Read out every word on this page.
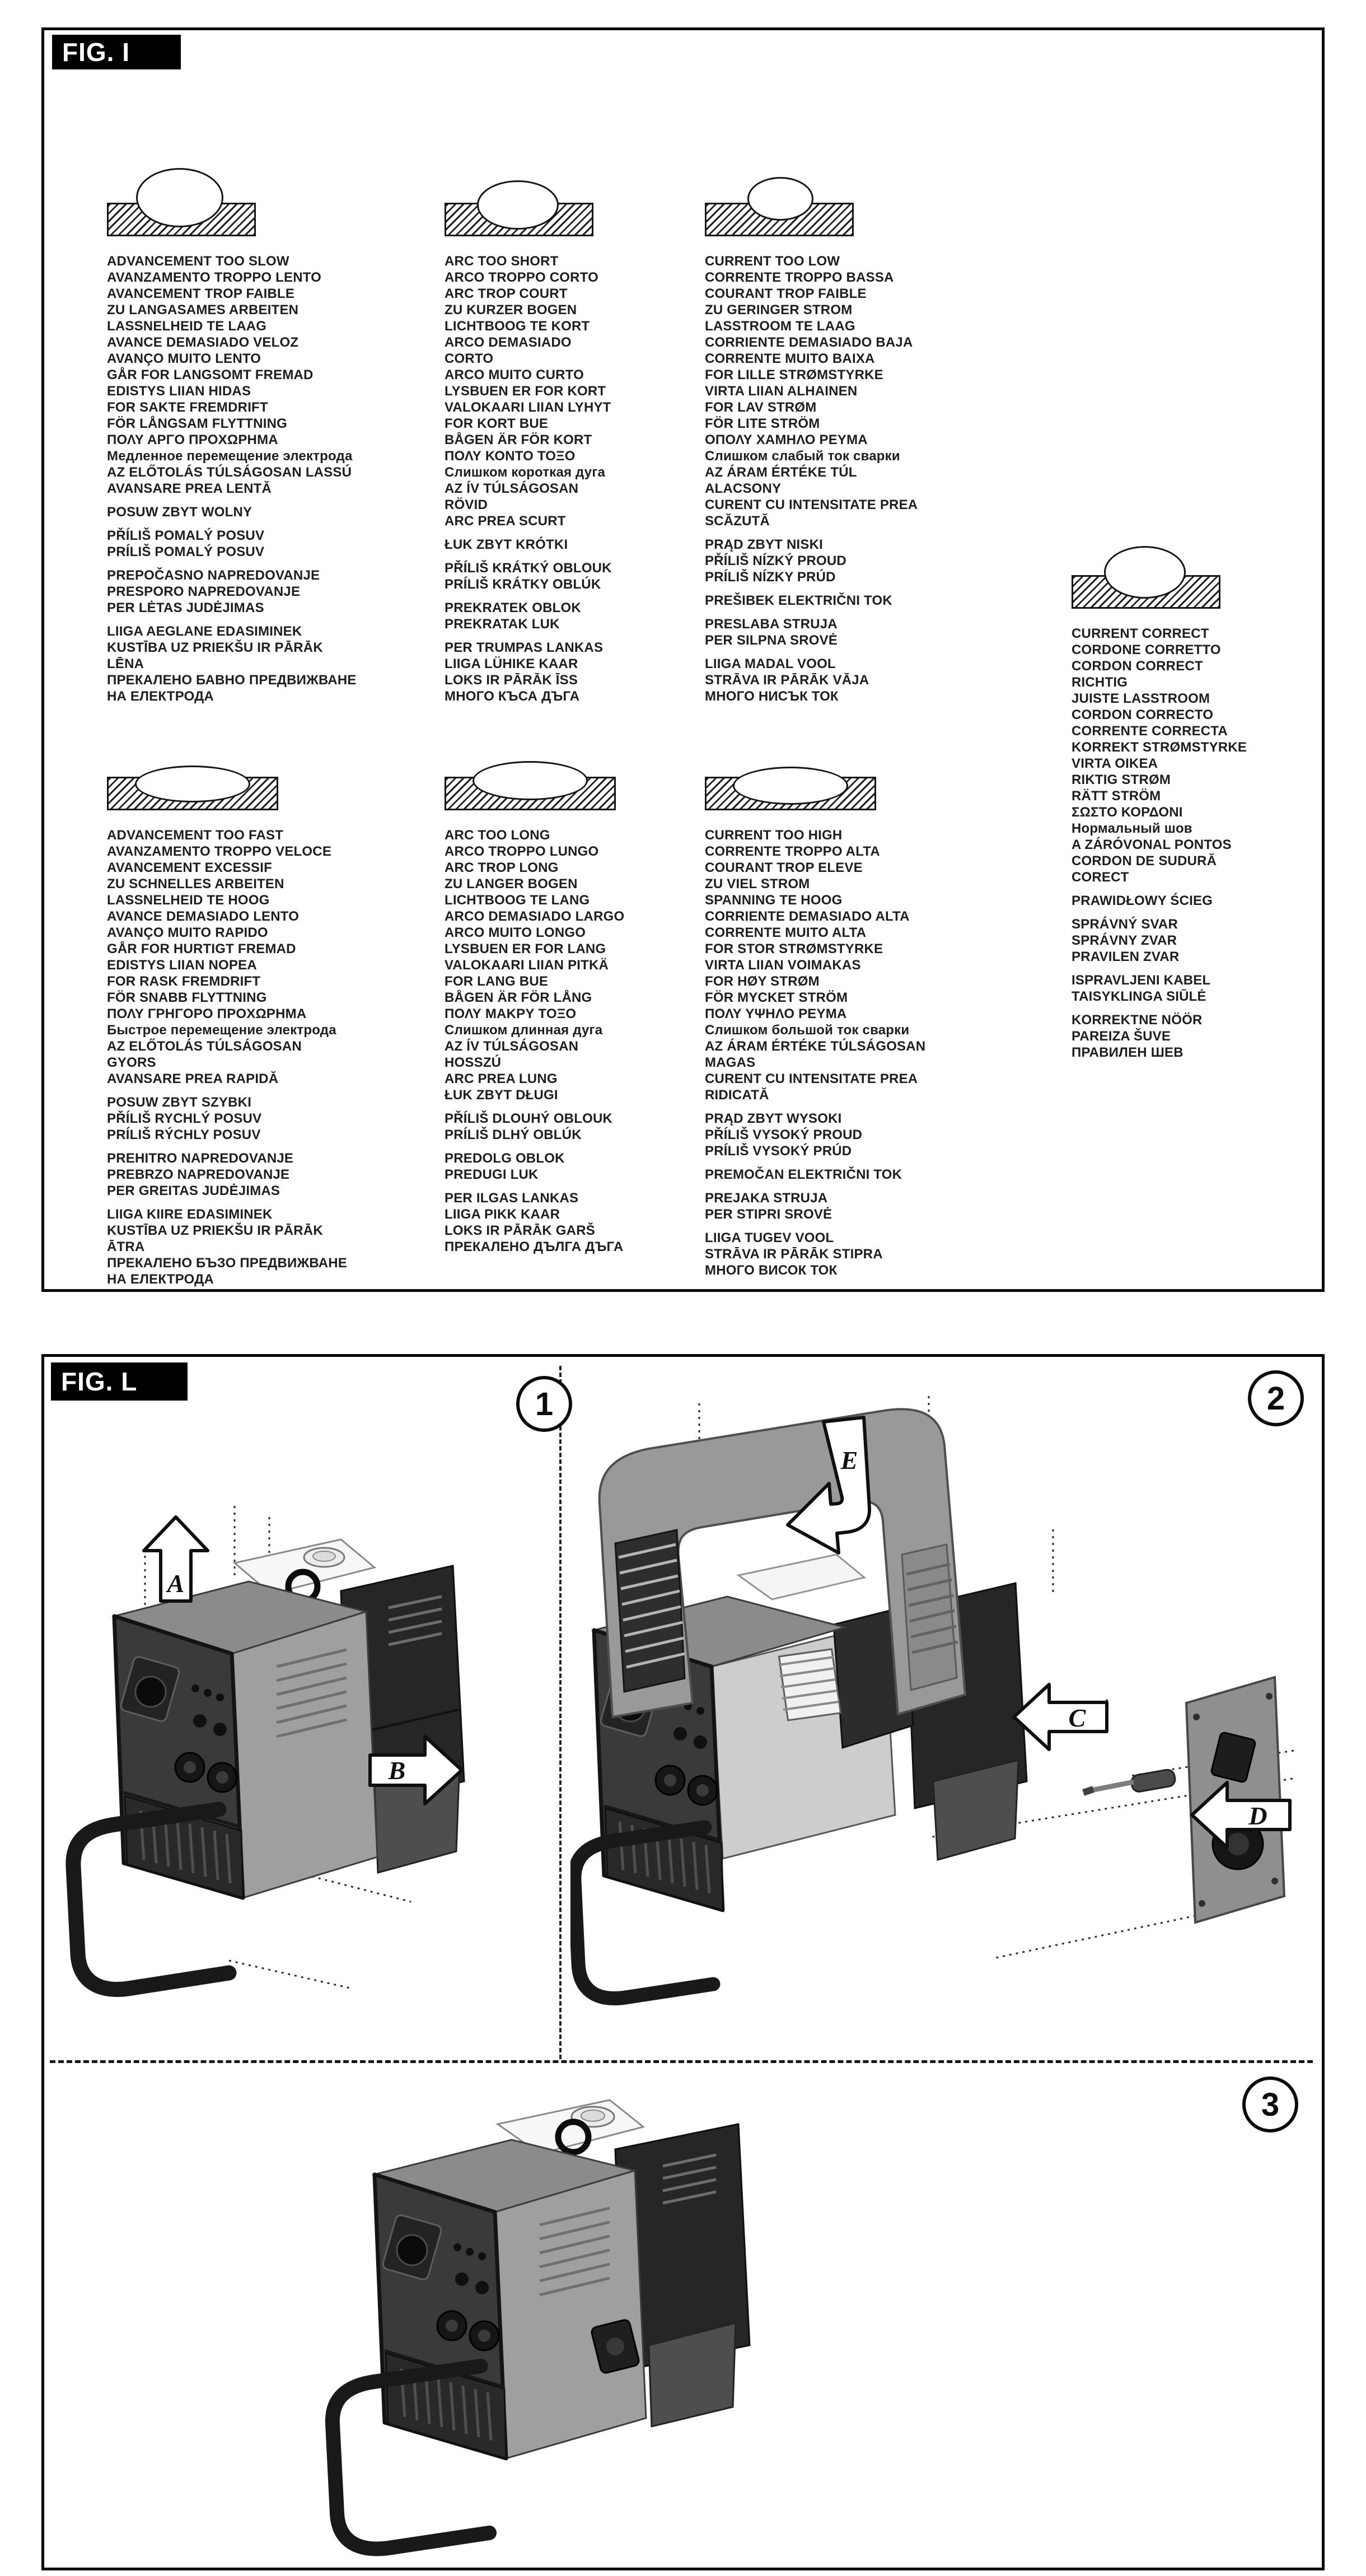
FIG. I
ADVANCEMENT TOO SLOW
AVANZAMENTO TROPPO LENTO
AVANCEMENT TROP FAIBLE
ZU LANGASAMES ARBEITEN
LASSNELHEID TE LAAG
AVANCE DEMASIADO VELOZ
AVANÇO MUITO LENTO
GÅR FOR LANGSOMT FREMAD
EDISTYS LIIAN HIDAS
FOR SAKTE FREMDRIFT
FÖR LÅNGSAM FLYTTNING
ΠΟΛΥ ΑΡΓΟ ΠΡΟΧΩΡΗΜΑ
Медленное перемещение электрода
AZ ELŐTOLÁS TÚLSÁGOSAN LASSÚ
AVANSARE PREA LENTĂ
POSUW ZBYT WOLNY
PŘÍLIŠ POMALÝ POSUV
PRÍLIŠ POMALÝ POSUV
PREPOČASNO NAPREDOVANJE
PRESPORO NAPREDOVANJE
PER LĖTAS JUDĖJIMAS
LIIGA AEGLANE EDASIMINEK
KUSTĪBA UZ PRIEKŠU IR PĀRĀK
LĒNA
ПРЕКАЛЕНО БАВНО ПРЕДВИЖВАНЕ
НА ЕЛЕКТРОДА
ARC TOO SHORT
ARCO TROPPO CORTO
ARC TROP COURT
ZU KURZER BOGEN
LICHTBOOG TE KORT
ARCO DEMASIADO
CORTO
ARCO MUITO CURTO
LYSBUEN ER FOR KORT
VALOKAARI LIIAN LYHYT
FOR KORT BUE
BÅGEN ÄR FÖR KORT
ΠΟΛΥ ΚΟΝΤΟ ΤΟΞΟ
Слишком короткая дуга
AZ ÍV TÚLSÁGOSAN
RÖVID
ARC PREA SCURT
ŁUK ZBYT KRÓTKI
PŘÍLIŠ KRÁTKÝ OBLOUK
PRÍLIŠ KRÁTKY OBLÚK
PREKRATEK OBLOK
PREKRATAK LUK
PER TRUMPAS LANKAS
LIIGA LÜHIKE KAAR
LOKS IR PĀRĀK ĪSS
МНОГО КЪСА ДЪГА
CURRENT TOO LOW
CORRENTE TROPPO BASSA
COURANT TROP FAIBLE
ZU GERINGER STROM
LASSTROOM TE LAAG
CORRIENTE DEMASIADO BAJA
CORRENTE MUITO BAIXA
FOR LILLE STRØMSTYRKE
VIRTA LIIAN ALHAINEN
FOR LAV STRØM
FÖR LITE STRÖM
ΟΠΟΛΥ ΧΑΜΗΛΟ ΡΕΥΜΑ
Слишком слабый ток сварки
AZ ÁRAM ÉRTÉKE TÚL
ALACSONY
CURENT CU INTENSITATE PREA
SCĂZUTĂ
PRĄD ZBYT NISKI
PŘÍLIŠ NÍZKÝ PROUD
PRÍLIŠ NÍZKY PRÚD
PREŠIBEK ELEKTRIČNI TOK
PRESLABA STRUJA
PER SILPNA SROVĖ
LIIGA MADAL VOOL
STRĀVA IR PĀRĀK VĀJA
МНОГО НИСЪК ТОК
CURRENT CORRECT
CORDONE CORRETTO
CORDON CORRECT
RICHTIG
JUISTE LASSTROOM
CORDON CORRECTO
CORRENTE CORRECTA
KORREKT STRØMSTYRKE
VIRTA OIKEA
RIKTIG STRØM
RÄTT STRÖM
ΣΩΣΤΟ ΚΟΡΔΟΝΙ
Нормальный шов
A ZÁRÓVONAL PONTOS
CORDON DE SUDURĂ
CORECT
PRAWIDŁOWY ŚCIEG
SPRÁVNÝ SVAR
SPRÁVNY ZVAR
PRAVILEN ZVAR
ISPRAVLJENI KABEL
TAISYKLINGA SIŪLĖ
KORREKTNE NÖÖR
PAREIZA ŠUVE
ПРАВИЛЕН ШЕВ
ADVANCEMENT TOO FAST
AVANZAMENTO TROPPO VELOCE
AVANCEMENT EXCESSIF
ZU SCHNELLES ARBEITEN
LASSNELHEID TE HOOG
AVANCE DEMASIADO LENTO
AVANÇO MUITO RAPIDO
GÅR FOR HURTIGT FREMAD
EDISTYS LIIAN NOPEA
FOR RASK FREMDRIFT
FÖR SNABB FLYTTNING
ΠΟΛΥ ΓΡΗΓΟΡΟ ΠΡΟΧΩΡΗΜΑ
Быстрое перемещение электрода
AZ ELŐTOLÁS TÚLSÁGOSAN
GYORS
AVANSARE PREA RAPIDĂ
POSUW ZBYT SZYBKI
PŘÍLIŠ RYCHLÝ POSUV
PRÍLIŠ RÝCHLY POSUV
PREHITRO NAPREDOVANJE
PREBRZO NAPREDOVANJE
PER GREITAS JUDĖJIMAS
LIIGA KIIRE EDASIMINEK
KUSTĪBA UZ PRIEKŠU IR PĀRĀK
ĀTRA
ПРЕКАЛЕНО БЪЗО ПРЕДВИЖВАНЕ
НА ЕЛЕКТРОДА
ARC TOO LONG
ARCO TROPPO LUNGO
ARC TROP LONG
ZU LANGER BOGEN
LICHTBOOG TE LANG
ARCO DEMASIADO LARGO
ARCO MUITO LONGO
LYSBUEN ER FOR LANG
VALOKAARI LIIAN PITKÄ
FOR LANG BUE
BÅGEN ÄR FÖR LÅNG
ΠΟΛΥ ΜΑΚΡΥ ΤΟΞΟ
Слишком длинная дуга
AZ ÍV TÚLSÁGOSAN
HOSSZÚ
ARC PREA LUNG
ŁUK ZBYT DŁUGI
PŘÍLIŠ DLOUHÝ OBLOUK
PRÍLIŠ DLHÝ OBLÚK
PREDOLG OBLOK
PREDUGI LUK
PER ILGAS LANKAS
LIIGA PIKK KAAR
LOKS IR PĀRĀK GARŠ
ПРЕКАЛЕНО ДЪЛГА ДЪГА
CURRENT TOO HIGH
CORRENTE TROPPO ALTA
COURANT TROP ELEVE
ZU VIEL STROM
SPANNING TE HOOG
CORRIENTE DEMASIADO ALTA
CORRENTE MUITO ALTA
FOR STOR STRØMSTYRKE
VIRTA LIIAN VOIMAKAS
FOR HØY STRØM
FÖR MYCKET STRÖM
ΠΟΛΥ ΥΨΗΛΟ ΡΕΥΜΑ
Слишком большой ток сварки
AZ ÁRAM ÉRTÉKE TÚLSÁGOSAN
MAGAS
CURENT CU INTENSITATE PREA
RIDICATĂ
PRĄD ZBYT WYSOKI
PŘÍLIŠ VYSOKÝ PROUD
PRÍLIŠ VYSOKÝ PRÚD
PREMOČAN ELEKTRIČNI TOK
PREJAKA STRUJA
PER STIPRI SROVĖ
LIIGA TUGEV VOOL
STRĀVA IR PĀRĀK STIPRA
МНОГО ВИСОК ТОК
FIG. L
1	2
3
A
B
E
C
D
